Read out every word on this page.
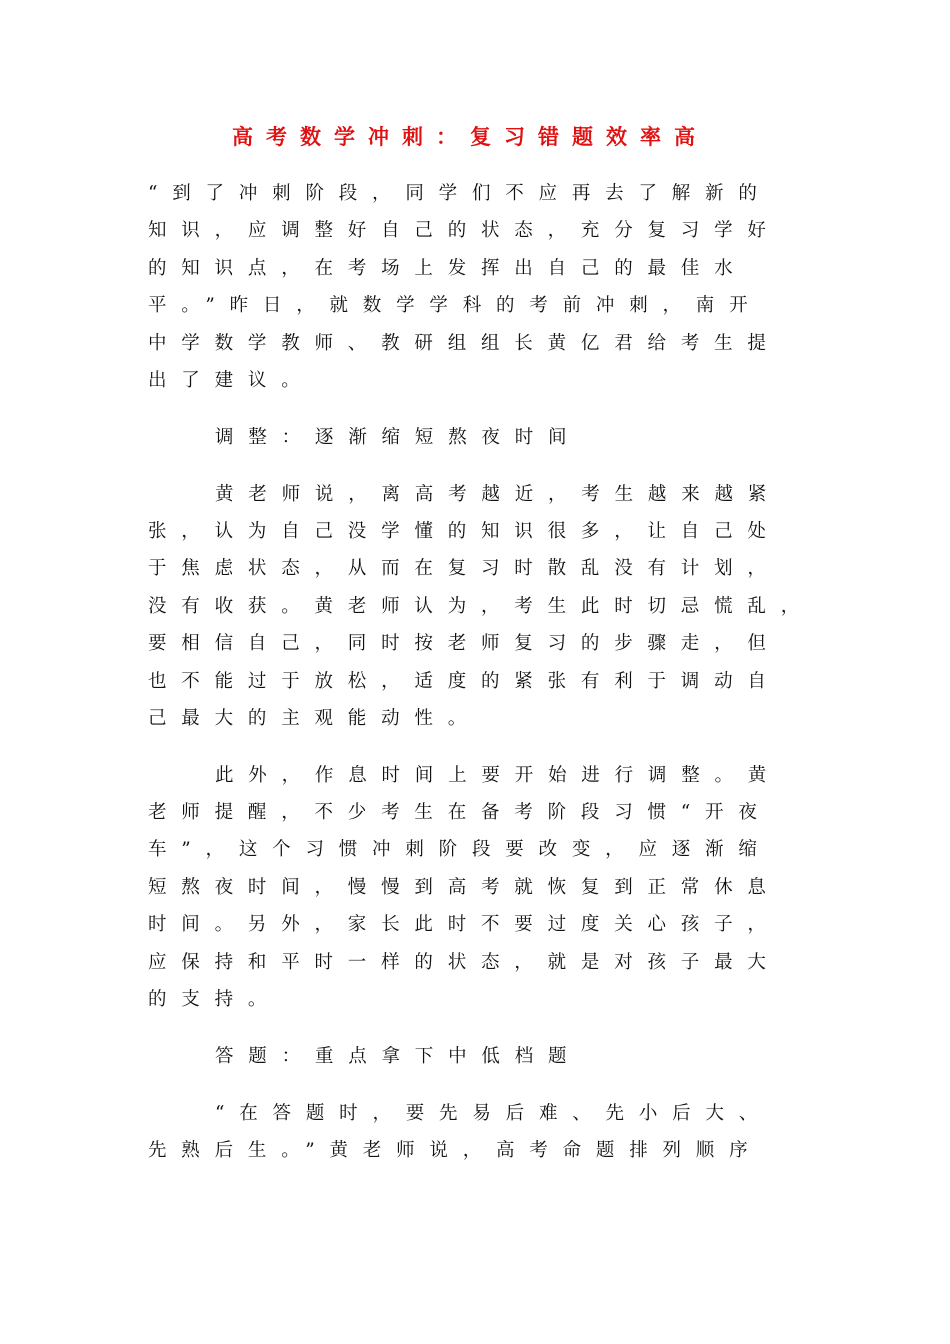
高考数学冲刺：复习错题效率高
“到了冲刺阶段，同学们不应再去了解新的
知识，应调整好自己的状态，充分复习学好
的知识点，在考场上发挥出自己的最佳水
平。”昨日，就数学学科的考前冲刺，南开
中学数学教师、教研组组长黄亿君给考生提
出了建议。
调整：逐渐缩短熬夜时间
黄老师说，离高考越近，考生越来越紧
张，认为自己没学懂的知识很多，让自己处
于焦虑状态，从而在复习时散乱没有计划，
没有收获。黄老师认为，考生此时切忌慌乱，
要相信自己，同时按老师复习的步骤走，但
也不能过于放松，适度的紧张有利于调动自
己最大的主观能动性。
此外，作息时间上要开始进行调整。黄
老师提醒，不少考生在备考阶段习惯“开夜
车”，这个习惯冲刺阶段要改变，应逐渐缩
短熬夜时间，慢慢到高考就恢复到正常休息
时间。另外，家长此时不要过度关心孩子，
应保持和平时一样的状态，就是对孩子最大
的支持。
答题：重点拿下中低档题
“在答题时，要先易后难、先小后大、
先熟后生。”黄老师说，高考命题排列顺序
